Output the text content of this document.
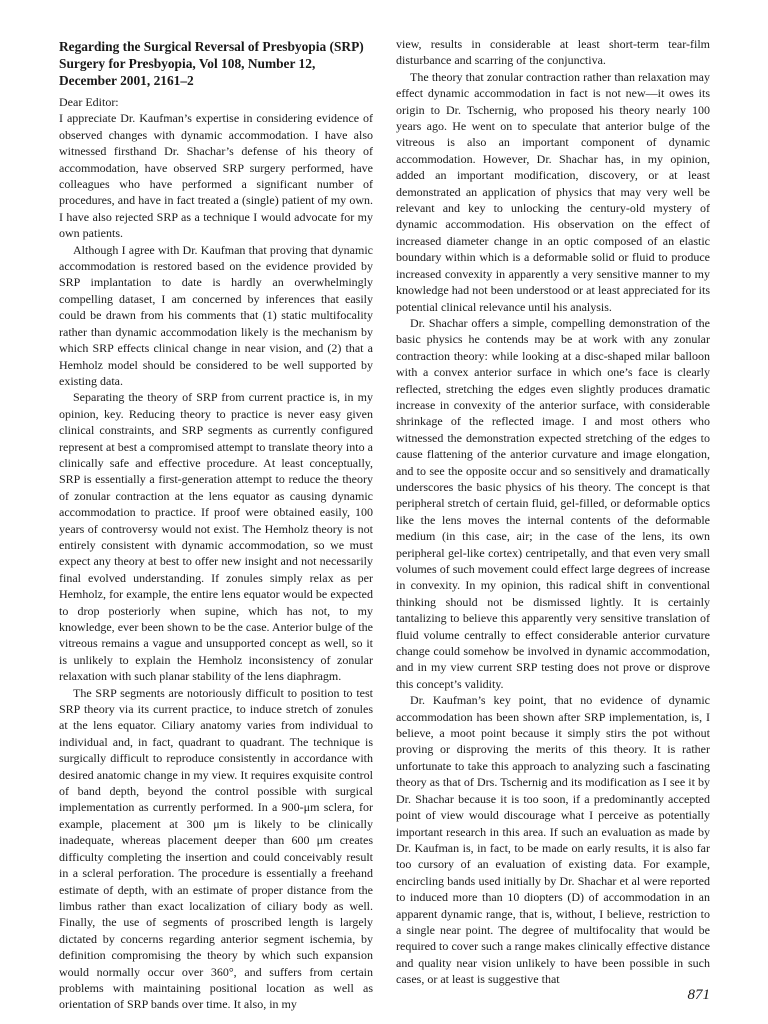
Regarding the Surgical Reversal of Presbyopia (SRP) Surgery for Presbyopia, Vol 108, Number 12, December 2001, 2161–2

Dear Editor:

I appreciate Dr. Kaufman’s expertise in considering evidence of observed changes with dynamic accommodation. I have also witnessed firsthand Dr. Shachar’s defense of his theory of accommodation, have observed SRP surgery performed, have colleagues who have performed a significant number of procedures, and have in fact treated a (single) patient of my own. I have also rejected SRP as a technique I would advocate for my own patients.

Although I agree with Dr. Kaufman that proving that dynamic accommodation is restored based on the evidence provided by SRP implantation to date is hardly an overwhelmingly compelling dataset, I am concerned by inferences that easily could be drawn from his comments that (1) static multifocality rather than dynamic accommodation likely is the mechanism by which SRP effects clinical change in near vision, and (2) that a Hemholz model should be considered to be well supported by existing data.

Separating the theory of SRP from current practice is, in my opinion, key. Reducing theory to practice is never easy given clinical constraints, and SRP segments as currently configured represent at best a compromised attempt to translate theory into a clinically safe and effective procedure. At least conceptually, SRP is essentially a first-generation attempt to reduce the theory of zonular contraction at the lens equator as causing dynamic accommodation to practice. If proof were obtained easily, 100 years of controversy would not exist. The Hemholz theory is not entirely consistent with dynamic accommodation, so we must expect any theory at best to offer new insight and not necessarily final evolved understanding. If zonules simply relax as per Hemholz, for example, the entire lens equator would be expected to drop posteriorly when supine, which has not, to my knowledge, ever been shown to be the case. Anterior bulge of the vitreous remains a vague and unsupported concept as well, so it is unlikely to explain the Hemholz inconsistency of zonular relaxation with such planar stability of the lens diaphragm.

The SRP segments are notoriously difficult to position to test SRP theory via its current practice, to induce stretch of zonules at the lens equator. Ciliary anatomy varies from individual to individual and, in fact, quadrant to quadrant. The technique is surgically difficult to reproduce consistently in accordance with desired anatomic change in my view. It requires exquisite control of band depth, beyond the control possible with surgical implementation as currently performed. In a 900-μm sclera, for example, placement at 300 μm is likely to be clinically inadequate, whereas placement deeper than 600 μm creates difficulty completing the insertion and could conceivably result in a scleral perforation. The procedure is essentially a freehand estimate of depth, with an estimate of proper distance from the limbus rather than exact localization of ciliary body as well. Finally, the use of segments of proscribed length is largely dictated by concerns regarding anterior segment ischemia, by definition compromising the theory by which such expansion would normally occur over 360°, and suffers from certain problems with maintaining positional location as well as orientation of SRP bands over time. It also, in my

view, results in considerable at least short-term tear-film disturbance and scarring of the conjunctiva.

The theory that zonular contraction rather than relaxation may effect dynamic accommodation in fact is not new—it owes its origin to Dr. Tschernig, who proposed his theory nearly 100 years ago. He went on to speculate that anterior bulge of the vitreous is also an important component of dynamic accommodation. However, Dr. Shachar has, in my opinion, added an important modification, discovery, or at least demonstrated an application of physics that may very well be relevant and key to unlocking the century-old mystery of dynamic accommodation. His observation on the effect of increased diameter change in an optic composed of an elastic boundary within which is a deformable solid or fluid to produce increased convexity in apparently a very sensitive manner to my knowledge had not been understood or at least appreciated for its potential clinical relevance until his analysis.

Dr. Shachar offers a simple, compelling demonstration of the basic physics he contends may be at work with any zonular contraction theory: while looking at a disc-shaped milar balloon with a convex anterior surface in which one’s face is clearly reflected, stretching the edges even slightly produces dramatic increase in convexity of the anterior surface, with considerable shrinkage of the reflected image. I and most others who witnessed the demonstration expected stretching of the edges to cause flattening of the anterior curvature and image elongation, and to see the opposite occur and so sensitively and dramatically underscores the basic physics of his theory. The concept is that peripheral stretch of certain fluid, gel-filled, or deformable optics like the lens moves the internal contents of the deformable medium (in this case, air; in the case of the lens, its own peripheral gel-like cortex) centripetally, and that even very small volumes of such movement could effect large degrees of increase in convexity. In my opinion, this radical shift in conventional thinking should not be dismissed lightly. It is certainly tantalizing to believe this apparently very sensitive translation of fluid volume centrally to effect considerable anterior curvature change could somehow be involved in dynamic accommodation, and in my view current SRP testing does not prove or disprove this concept’s validity.

Dr. Kaufman’s key point, that no evidence of dynamic accommodation has been shown after SRP implementation, is, I believe, a moot point because it simply stirs the pot without proving or disproving the merits of this theory. It is rather unfortunate to take this approach to analyzing such a fascinating theory as that of Drs. Tschernig and its modification as I see it by Dr. Shachar because it is too soon, if a predominantly accepted point of view would discourage what I perceive as potentially important research in this area. If such an evaluation as made by Dr. Kaufman is, in fact, to be made on early results, it is also far too cursory of an evaluation of existing data. For example, encircling bands used initially by Dr. Shachar et al were reported to induced more than 10 diopters (D) of accommodation in an apparent dynamic range, that is, without, I believe, restriction to a single near point. The degree of multifocality that would be required to cover such a range makes clinically effective distance and quality near vision unlikely to have been possible in such cases, or at least is suggestive that

871
